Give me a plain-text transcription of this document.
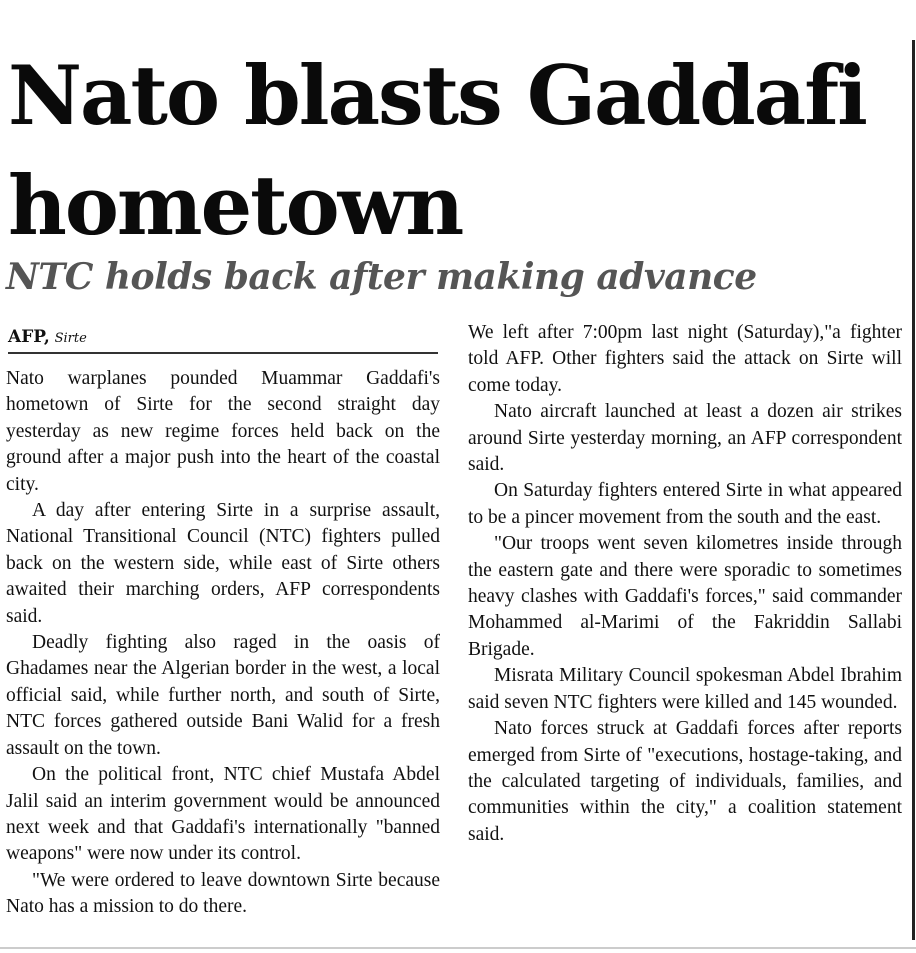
Nato blasts Gaddafi hometown
NTC holds back after making advance
AFP, Sirte

Nato warplanes pounded Muammar Gaddafi's hometown of Sirte for the second straight day yesterday as new regime forces held back on the ground after a major push into the heart of the coastal city.

A day after entering Sirte in a surprise assault, National Transitional Council (NTC) fighters pulled back on the western side, while east of Sirte others awaited their marching orders, AFP correspondents said.

Deadly fighting also raged in the oasis of Ghadames near the Algerian border in the west, a local official said, while further north, and south of Sirte, NTC forces gathered outside Bani Walid for a fresh assault on the town.

On the political front, NTC chief Mustafa Abdel Jalil said an interim government would be announced next week and that Gaddafi's internationally "banned weapons" were now under its control.

"We were ordered to leave downtown Sirte because Nato has a mission to do there.

We left after 7:00pm last night (Saturday),"a fighter told AFP. Other fighters said the attack on Sirte will come today.

Nato aircraft launched at least a dozen air strikes around Sirte yesterday morning, an AFP correspondent said.

On Saturday fighters entered Sirte in what appeared to be a pincer movement from the south and the east.

"Our troops went seven kilometres inside through the eastern gate and there were sporadic to sometimes heavy clashes with Gaddafi's forces," said commander Mohammed al-Marimi of the Fakriddin Sallabi Brigade.

Misrata Military Council spokesman Abdel Ibrahim said seven NTC fighters were killed and 145 wounded.

Nato forces struck at Gaddafi forces after reports emerged from Sirte of "executions, hostage-taking, and the calculated targeting of individuals, families, and communities within the city," a coalition statement said.
